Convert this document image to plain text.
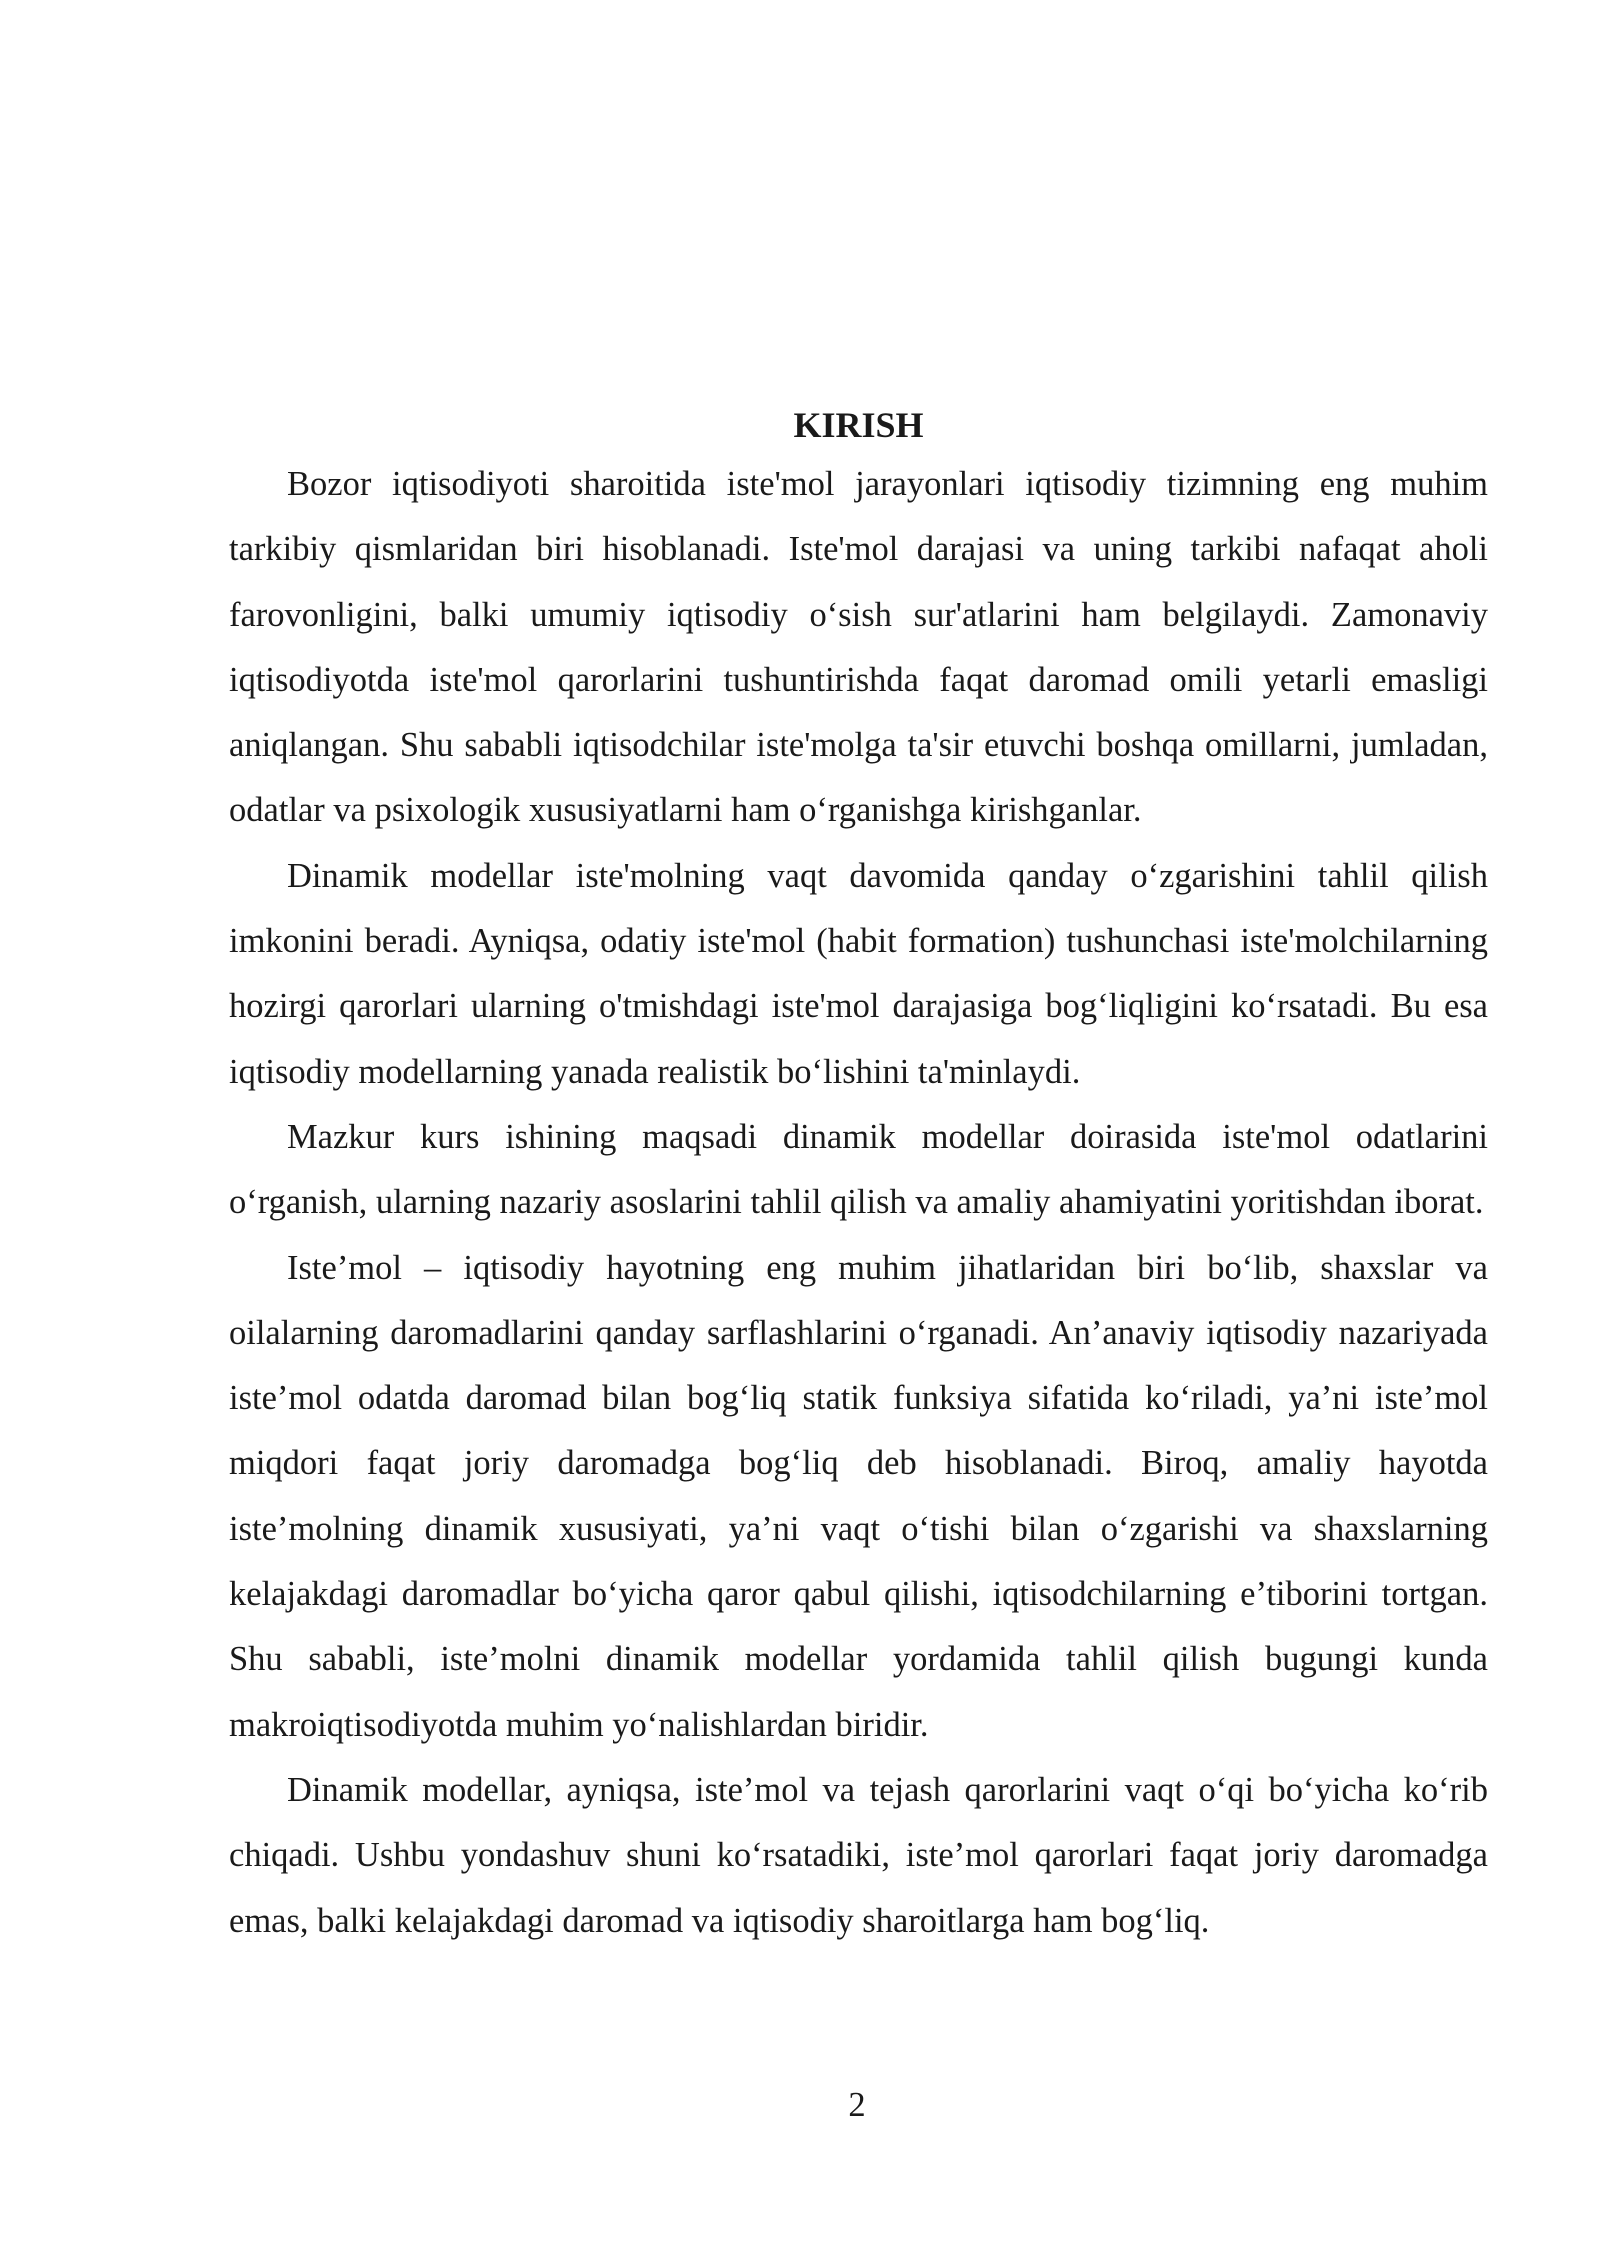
KIRISH

Bozor iqtisodiyoti sharoitida iste'mol jarayonlari iqtisodiy tizimning eng muhim tarkibiy qismlaridan biri hisoblanadi. Iste'mol darajasi va uning tarkibi nafaqat aholi farovonligini, balki umumiy iqtisodiy o‘sish sur'atlarini ham belgilaydi. Zamonaviy iqtisodiyotda iste'mol qarorlarini tushuntirishda faqat daromad omili yetarli emasligi aniqlangan. Shu sababli iqtisodchilar iste'molga ta'sir etuvchi boshqa omillarni, jumladan, odatlar va psixologik xususiyatlarni ham o‘rganishga kirishganlar.

Dinamik modellar iste'molning vaqt davomida qanday o‘zgarishini tahlil qilish imkonini beradi. Ayniqsa, odatiy iste'mol (habit formation) tushunchasi iste'molchilarning hozirgi qarorlari ularning o'tmishdagi iste'mol darajasiga bog‘liqligini ko‘rsatadi. Bu esa iqtisodiy modellarning yanada realistik bo‘lishini ta'minlaydi.

Mazkur kurs ishining maqsadi dinamik modellar doirasida iste'mol odatlarini o‘rganish, ularning nazariy asoslarini tahlil qilish va amaliy ahamiyatini yoritishdan iborat.

Iste’mol – iqtisodiy hayotning eng muhim jihatlaridan biri bo‘lib, shaxslar va oilalarning daromadlarini qanday sarflashlarini o‘rganadi. An’anaviy iqtisodiy nazariyada iste’mol odatda daromad bilan bog‘liq statik funksiya sifatida ko‘riladi, ya’ni iste’mol miqdori faqat joriy daromadga bog‘liq deb hisoblanadi. Biroq, amaliy hayotda iste’molning dinamik xususiyati, ya’ni vaqt o‘tishi bilan o‘zgarishi va shaxslarning kelajakdagi daromadlar bo‘yicha qaror qabul qilishi, iqtisodchilarning e’tiborini tortgan. Shu sababli, iste’molni dinamik modellar yordamida tahlil qilish bugungi kunda makroiqtisodiyotda muhim yo‘nalishlardan biridir.

Dinamik modellar, ayniqsa, iste’mol va tejash qarorlarini vaqt o‘qi bo‘yicha ko‘rib chiqadi. Ushbu yondashuv shuni ko‘rsatadiki, iste’mol qarorlari faqat joriy daromadga emas, balki kelajakdagi daromad va iqtisodiy sharoitlarga ham bog‘liq.

2
